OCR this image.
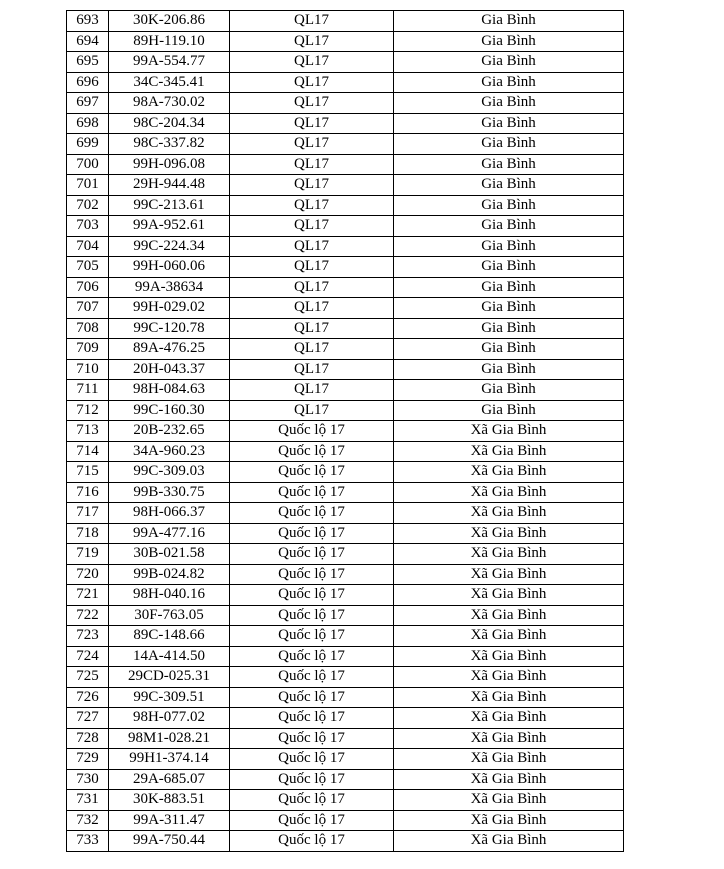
693	30K-206.86	QL17	Gia Bình
694	89H-119.10	QL17	Gia Bình
695	99A-554.77	QL17	Gia Bình
696	34C-345.41	QL17	Gia Bình
697	98A-730.02	QL17	Gia Bình
698	98C-204.34	QL17	Gia Bình
699	98C-337.82	QL17	Gia Bình
700	99H-096.08	QL17	Gia Bình
701	29H-944.48	QL17	Gia Bình
702	99C-213.61	QL17	Gia Bình
703	99A-952.61	QL17	Gia Bình
704	99C-224.34	QL17	Gia Bình
705	99H-060.06	QL17	Gia Bình
706	99A-38634	QL17	Gia Bình
707	99H-029.02	QL17	Gia Bình
708	99C-120.78	QL17	Gia Bình
709	89A-476.25	QL17	Gia Bình
710	20H-043.37	QL17	Gia Bình
711	98H-084.63	QL17	Gia Bình
712	99C-160.30	QL17	Gia Bình
713	20B-232.65	Quốc lộ 17	Xã Gia Bình
714	34A-960.23	Quốc lộ 17	Xã Gia Bình
715	99C-309.03	Quốc lộ 17	Xã Gia Bình
716	99B-330.75	Quốc lộ 17	Xã Gia Bình
717	98H-066.37	Quốc lộ 17	Xã Gia Bình
718	99A-477.16	Quốc lộ 17	Xã Gia Bình
719	30B-021.58	Quốc lộ 17	Xã Gia Bình
720	99B-024.82	Quốc lộ 17	Xã Gia Bình
721	98H-040.16	Quốc lộ 17	Xã Gia Bình
722	30F-763.05	Quốc lộ 17	Xã Gia Bình
723	89C-148.66	Quốc lộ 17	Xã Gia Bình
724	14A-414.50	Quốc lộ 17	Xã Gia Bình
725	29CD-025.31	Quốc lộ 17	Xã Gia Bình
726	99C-309.51	Quốc lộ 17	Xã Gia Bình
727	98H-077.02	Quốc lộ 17	Xã Gia Bình
728	98M1-028.21	Quốc lộ 17	Xã Gia Bình
729	99H1-374.14	Quốc lộ 17	Xã Gia Bình
730	29A-685.07	Quốc lộ 17	Xã Gia Bình
731	30K-883.51	Quốc lộ 17	Xã Gia Bình
732	99A-311.47	Quốc lộ 17	Xã Gia Bình
733	99A-750.44	Quốc lộ 17	Xã Gia Bình
